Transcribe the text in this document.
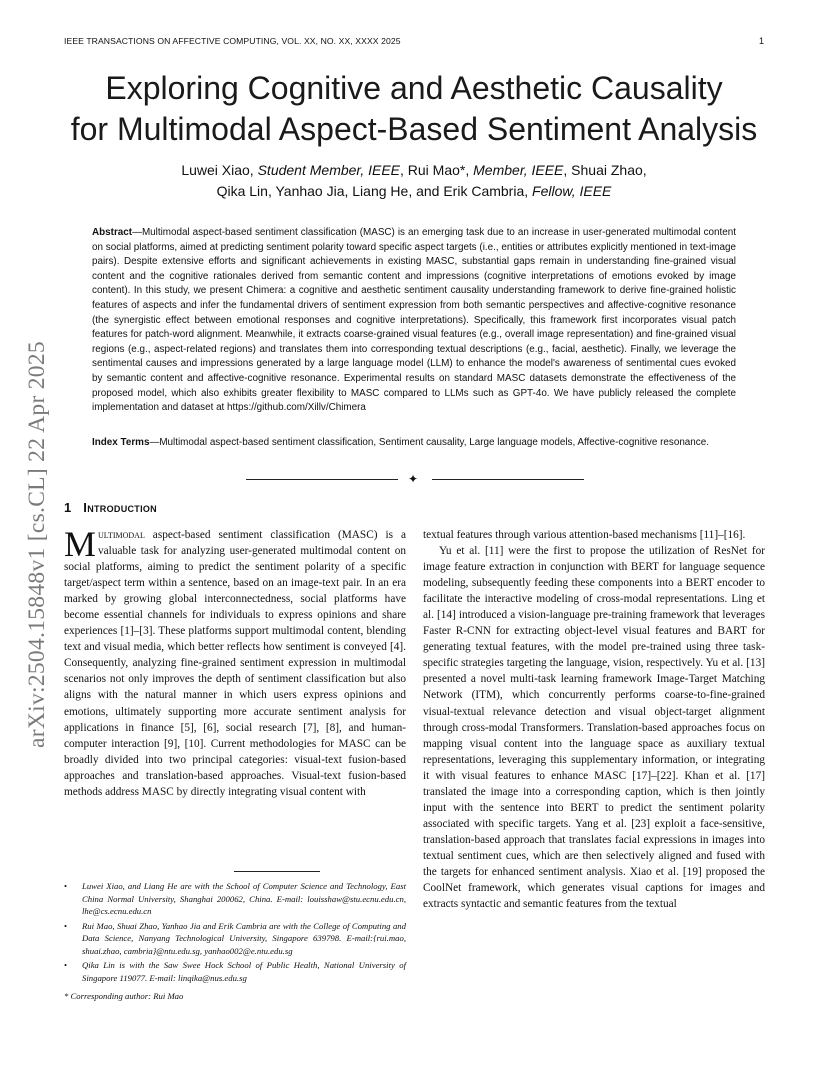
IEEE TRANSACTIONS ON AFFECTIVE COMPUTING, VOL. XX, NO. XX, XXXX 2025	1
arXiv:2504.15848v1 [cs.CL] 22 Apr 2025
Exploring Cognitive and Aesthetic Causality
for Multimodal Aspect-Based Sentiment Analysis
Luwei Xiao, Student Member, IEEE, Rui Mao*, Member, IEEE, Shuai Zhao,
Qika Lin, Yanhao Jia, Liang He, and Erik Cambria, Fellow, IEEE
Abstract—Multimodal aspect-based sentiment classification (MASC) is an emerging task due to an increase in user-generated multimodal content on social platforms, aimed at predicting sentiment polarity toward specific aspect targets (i.e., entities or attributes explicitly mentioned in text-image pairs). Despite extensive efforts and significant achievements in existing MASC, substantial gaps remain in understanding fine-grained visual content and the cognitive rationales derived from semantic content and impressions (cognitive interpretations of emotions evoked by image content). In this study, we present Chimera: a cognitive and aesthetic sentiment causality understanding framework to derive fine-grained holistic features of aspects and infer the fundamental drivers of sentiment expression from both semantic perspectives and affective-cognitive resonance (the synergistic effect between emotional responses and cognitive interpretations). Specifically, this framework first incorporates visual patch features for patch-word alignment. Meanwhile, it extracts coarse-grained visual features (e.g., overall image representation) and fine-grained visual regions (e.g., aspect-related regions) and translates them into corresponding textual descriptions (e.g., facial, aesthetic). Finally, we leverage the sentimental causes and impressions generated by a large language model (LLM) to enhance the model's awareness of sentimental cues evoked by semantic content and affective-cognitive resonance. Experimental results on standard MASC datasets demonstrate the effectiveness of the proposed model, which also exhibits greater flexibility to MASC compared to LLMs such as GPT-4o. We have publicly released the complete implementation and dataset at https://github.com/Xillv/Chimera
Index Terms—Multimodal aspect-based sentiment classification, Sentiment causality, Large language models, Affective-cognitive resonance.
✦
1 Introduction

Multimodal aspect-based sentiment classification (MASC) is a valuable task for analyzing user-generated multimodal content on social platforms, aiming to predict the sentiment polarity of a specific target/aspect term within a sentence, based on an image-text pair. In an era marked by growing global interconnectedness, social platforms have become essential channels for individuals to express opinions and share experiences [1]–[3]. These platforms support multimodal content, blending text and visual media, which better reflects how sentiment is conveyed [4]. Consequently, analyzing fine-grained sentiment expression in multimodal scenarios not only improves the depth of sentiment classification but also aligns with the natural manner in which users express opinions and emotions, ultimately supporting more accurate sentiment analysis for applications in finance [5], [6], social research [7], [8], and human-computer interaction [9], [10]. Current methodologies for MASC can be broadly divided into two principal categories: visual-text fusion-based approaches and translation-based approaches. Visual-text fusion-based methods address MASC by directly integrating visual content with

• Luwei Xiao, and Liang He are with the School of Computer Science and Technology, East China Normal University, Shanghai 200062, China. E-mail: louisshaw@stu.ecnu.edu.cn, lhe@cs.ecnu.edu.cn
• Rui Mao, Shuai Zhao, Yanhao Jia and Erik Cambria are with the College of Computing and Data Science, Nanyang Technological University, Singapore 639798. E-mail:{rui.mao, shuai.zhao, cambria}@ntu.edu.sg, yanhao002@e.ntu.edu.sg
• Qika Lin is with the Saw Swee Hock School of Public Health, National University of Singapore 119077. E-mail: linqika@nus.edu.sg
* Corresponding author: Rui Mao

textual features through various attention-based mechanisms [11]–[16].

Yu et al. [11] were the first to propose the utilization of ResNet for image feature extraction in conjunction with BERT for language sequence modeling, subsequently feeding these components into a BERT encoder to facilitate the interactive modeling of cross-modal representations. Ling et al. [14] introduced a vision-language pre-training framework that leverages Faster R-CNN for extracting object-level visual features and BART for generating textual features, with the model pre-trained using three task-specific strategies targeting the language, vision, respectively. Yu et al. [13] presented a novel multi-task learning framework Image-Target Matching Network (ITM), which concurrently performs coarse-to-fine-grained visual-textual relevance detection and visual object-target alignment through cross-modal Transformers. Translation-based approaches focus on mapping visual content into the language space as auxiliary textual representations, leveraging this supplementary information, or integrating it with visual features to enhance MASC [17]–[22]. Khan et al. [17] translated the image into a corresponding caption, which is then jointly input with the sentence into BERT to predict the sentiment polarity associated with specific targets. Yang et al. [23] exploit a face-sensitive, translation-based approach that translates facial expressions in images into textual sentiment cues, which are then selectively aligned and fused with the targets for enhanced sentiment analysis. Xiao et al. [19] proposed the CoolNet framework, which generates visual captions for images and extracts syntactic and semantic features from the textual
